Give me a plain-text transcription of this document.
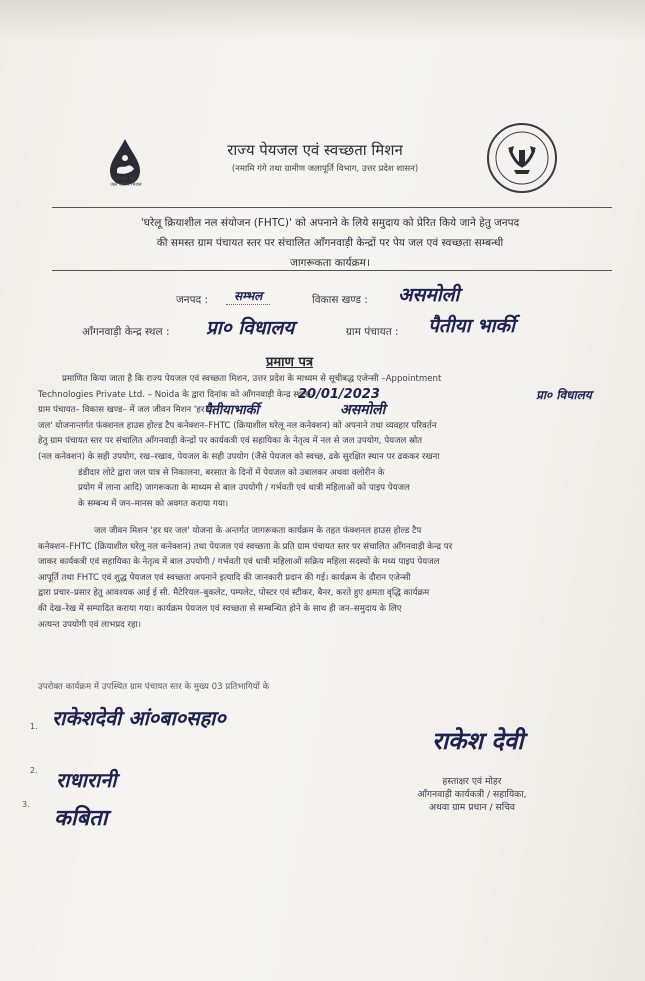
हर घर जल
जल जीवन मिशन
राज्य पेयजल एवं स्वच्छता मिशन
(नमामि गंगे तथा ग्रामीण जलापूर्ति विभाग, उत्तर प्रदेश शासन)
'घरेलू क्रियाशील नल संयोजन (FHTC)' को अपनाने के लिये समुदाय को प्रेरित किये जाने हेतु जनपद
की समस्त ग्राम पंचायत स्तर पर संचालित आँगनवाड़ी केन्द्रों पर पेय जल एवं स्वच्छता सम्बन्धी
जागरूकता कार्यक्रम।
जनपद :	सम्भल	विकास खण्ड : असमोली
आँगनवाड़ी केन्द्र स्थल : प्रा० विधालय	ग्राम पंचायत : पैतीया भार्की
प्रमाण पत्र
प्रमाणित किया जाता है कि राज्य पेयजल एवं स्वच्छता मिशन, उत्तर प्रदेश के माध्यम से सूचीबद्ध एजेन्सी –Appointment
Technologies Private Ltd. – Noida के द्वारा दिनांक को आँगनवाड़ी केन्द्र स्थल–
ग्राम पंचायत– विकास खण्ड– में जल जीवन मिशन 'हर घर
जल' योजनान्तर्गत फंक्शनल हाउस होल्ड टैप कनेक्शन–FHTC (क्रियाशील घरेलू नल कनेक्शन) को अपनाने तथा व्यवहार परिवर्तन
हेतु ग्राम पंचायत स्तर पर संचालित आँगनवाड़ी केन्द्रों पर कार्यकत्री एवं सहायिका के नेतृत्व में नल से जल उपयोग, पेयजल स्रोत
(नल कनेक्शन) के सही उपयोग, रख–रखाव, पेयजल के सही उपयोग (जैसे पेयजल को स्वच्छ, ढके सुरक्षित स्थान पर ढककर रखना
डंडीदार लोटे द्वारा जल पात्र से निकालना, बरसात के दिनों में पेयजल को उबालकर अथवा क्लोरीन के
प्रयोग में लाना आदि) जागरूकता के माध्यम से बाल उपयोगी / गर्भवती एवं धात्री महिलाओं को पाइप पेयजल
के सम्बन्ध में जन–मानस को अवगत कराया गया।
20/01/2023	प्रा० विधालय
पैतीयाभार्की	असमोली
जल जीवन मिशन 'हर घर जल' योजना के अन्तर्गत जागरूकता कार्यक्रम के तहत फंक्शनल हाउस होल्ड टैप
कनेक्शन–FHTC (क्रियाशील घरेलू नल कनेक्शन) तथा पेयजल एवं स्वच्छता के प्रति ग्राम पंचायत स्तर पर संचालित आँगनवाड़ी केन्द्र पर
जाकर कार्यकत्री एवं सहायिका के नेतृत्व में बाल उपयोगी / गर्भवती एवं धात्री महिलाओं सक्रिय महिला सदस्यों के मध्य पाइप पेयजल
आपूर्ति तथा FHTC एवं शुद्ध पेयजल एवं स्वच्छता अपनाने इत्यादि की जानकारी प्रदान की गई। कार्यक्रम के दौरान एजेन्सी
द्वारा प्रचार–प्रसार हेतु आवश्यक आई ई सी. मैटेरियल–बुकलेट, पम्पलेट, पोस्टर एवं स्टीकर, बैनर, करते हुए क्षमता वृद्धि कार्यक्रम
की देख–रेख में सम्पादित कराया गया। कार्यक्रम पेयजल एवं स्वच्छता से सम्बन्धित होने के साथ ही जन–समुदाय के लिए
अत्यन्त उपयोगी एवं लाभप्रद रहा।
उपरोक्त कार्यक्रम में उपस्थित ग्राम पंचायत स्तर के मुख्य 03 प्रतिभागियों के
1. राकेशदेवी आं०बा०सहा०
2. राधारानी
3.
कबिता
राकेश देवी
हस्ताक्षर एवं मोहर
आँगनवाड़ी कार्यकत्री / सहायिका,
अथवा ग्राम प्रधान / सचिव
